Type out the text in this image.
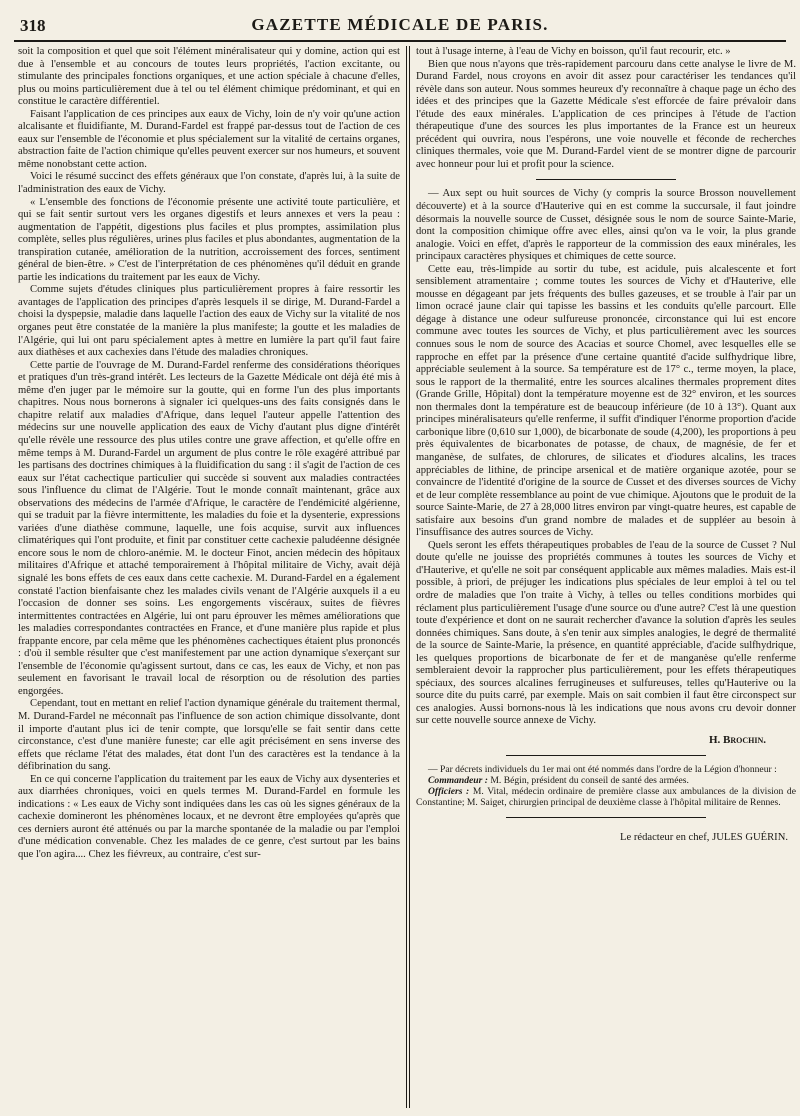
318	GAZETTE MÉDICALE DE PARIS.

soit la composition et quel que soit l'élément minéralisateur qui y domine, action qui est due à l'ensemble et au concours de toutes leurs propriétés, l'action excitante, ou stimulante des principales fonctions organiques, et une action spéciale à chacune d'elles, plus ou moins particulièrement due à tel ou tel élément chimique prédominant, et qui en constitue le caractère différentiel.

Faisant l'application de ces principes aux eaux de Vichy, loin de n'y voir qu'une action alcalisante et fluidifiante, M. Durand-Fardel est frappé par-dessus tout de l'action de ces eaux sur l'ensemble de l'économie et plus spécialement sur la vitalité de certains organes, abstraction faite de l'action chimique qu'elles peuvent exercer sur nos humeurs, et souvent même nonobstant cette action.

Voici le résumé succinct des effets généraux que l'on constate, d'après lui, à la suite de l'administration des eaux de Vichy.

« L'ensemble des fonctions de l'économie présente une activité toute particulière, et qui se fait sentir surtout vers les organes digestifs et leurs annexes et vers la peau : augmentation de l'appétit, digestions plus faciles et plus promptes, assimilation plus complète, selles plus régulières, urines plus faciles et plus abondantes, augmentation de la transpiration cutanée, amélioration de la nutrition, accroissement des forces, sentiment général de bien-être. » C'est de l'interprétation de ces phénomènes qu'il déduit en grande partie les indications du traitement par les eaux de Vichy.

Comme sujets d'études cliniques plus particulièrement propres à faire ressortir les avantages de l'application des principes d'après lesquels il se dirige, M. Durand-Fardel a choisi la dyspepsie, maladie dans laquelle l'action des eaux de Vichy sur la vitalité de nos organes peut être constatée de la manière la plus manifeste; la goutte et les maladies de l'Algérie, qui lui ont paru spécialement aptes à mettre en lumière la part qu'il faut faire aux diathèses et aux cachexies dans l'étude des maladies chroniques.

Cette partie de l'ouvrage de M. Durand-Fardel renferme des considérations théoriques et pratiques d'un très-grand intérêt. Les lecteurs de la Gazette Médicale ont déjà été mis à même d'en juger par le mémoire sur la goutte, qui en forme l'un des plus importants chapitres. Nous nous bornerons à signaler ici quelques-uns des faits consignés dans le chapitre relatif aux maladies d'Afrique, dans lequel l'auteur appelle l'attention des médecins sur une nouvelle application des eaux de Vichy d'autant plus digne d'intérêt qu'elle révèle une ressource des plus utiles contre une grave affection, et qu'elle offre en même temps à M. Durand-Fardel un argument de plus contre le rôle exagéré attribué par les partisans des doctrines chimiques à la fluidification du sang : il s'agit de l'action de ces eaux sur l'état cachectique particulier qui succède si souvent aux maladies contractées sous l'influence du climat de l'Algérie. Tout le monde connaît maintenant, grâce aux observations des médecins de l'armée d'Afrique, le caractère de l'endémicité algérienne, qui se traduit par la fièvre intermittente, les maladies du foie et la dysenterie, expressions variées d'une diathèse commune, laquelle, une fois acquise, survit aux influences climatériques qui l'ont produite, et finit par constituer cette cachexie paludéenne désignée encore sous le nom de chloro-anémie. M. le docteur Finot, ancien médecin des hôpitaux militaires d'Afrique et attaché temporairement à l'hôpital militaire de Vichy, avait déjà signalé les bons effets de ces eaux dans cette cachexie. M. Durand-Fardel en a également constaté l'action bienfaisante chez les malades civils venant de l'Algérie auxquels il a eu l'occasion de donner ses soins. Les engorgements viscéraux, suites de fièvres intermittentes contractées en Algérie, lui ont paru éprouver les mêmes améliorations que les maladies correspondantes contractées en France, et d'une manière plus rapide et plus frappante encore, par cela même que les phénomènes cachectiques étaient plus prononcés : d'où il semble résulter que c'est manifestement par une action dynamique s'exerçant sur l'ensemble de l'économie qu'agissent surtout, dans ce cas, les eaux de Vichy, et non pas seulement en favorisant le travail local de résorption ou de résolution des parties engorgées.

Cependant, tout en mettant en relief l'action dynamique générale du traitement thermal, M. Durand-Fardel ne méconnaît pas l'influence de son action chimique dissolvante, dont il importe d'autant plus ici de tenir compte, que lorsqu'elle se fait sentir dans cette circonstance, c'est d'une manière funeste; car elle agit précisément en sens inverse des effets que réclame l'état des malades, état dont l'un des caractères est la tendance à la défibrination du sang.

En ce qui concerne l'application du traitement par les eaux de Vichy aux dysenteries et aux diarrhées chroniques, voici en quels termes M. Durand-Fardel en formule les indications : « Les eaux de Vichy sont indiquées dans les cas où les signes généraux de la cachexie domineront les phénomènes locaux, et ne devront être employées qu'après que ces derniers auront été atténués ou par la marche spontanée de la maladie ou par l'emploi d'une médication convenable. Chez les malades de ce genre, c'est surtout par les bains que l'on agira.... Chez les fiévreux, au contraire, c'est sur-

tout à l'usage interne, à l'eau de Vichy en boisson, qu'il faut recourir, etc. »

Bien que nous n'ayons que très-rapidement parcouru dans cette analyse le livre de M. Durand Fardel, nous croyons en avoir dit assez pour caractériser les tendances qu'il révèle dans son auteur. Nous sommes heureux d'y reconnaître à chaque page un écho des idées et des principes que la Gazette Médicale s'est efforcée de faire prévaloir dans l'étude des eaux minérales. L'application de ces principes à l'étude de l'action thérapeutique d'une des sources les plus importantes de la France est un heureux précédent qui ouvrira, nous l'espérons, une voie nouvelle et féconde de recherches cliniques thermales, voie que M. Durand-Fardel vient de se montrer digne de parcourir avec honneur pour lui et profit pour la science.

— Aux sept ou huit sources de Vichy (y compris la source Brosson nouvellement découverte) et à la source d'Hauterive qui en est comme la succursale, il faut joindre désormais la nouvelle source de Cusset, désignée sous le nom de source Sainte-Marie, dont la composition chimique offre avec elles, ainsi qu'on va le voir, la plus grande analogie. Voici en effet, d'après le rapporteur de la commission des eaux minérales, les principaux caractères physiques et chimiques de cette source.

Cette eau, très-limpide au sortir du tube, est acidule, puis alcalescente et fort sensiblement atramentaire ; comme toutes les sources de Vichy et d'Hauterive, elle mousse en dégageant par jets fréquents des bulles gazeuses, et se trouble à l'air par un limon ocracé jaune clair qui tapisse les bassins et les conduits qu'elle parcourt. Elle dégage à distance une odeur sulfureuse prononcée, circonstance qui lui est encore commune avec toutes les sources de Vichy, et plus particulièrement avec les sources connues sous le nom de source des Acacias et source Chomel, avec lesquelles elle se rapproche en effet par la présence d'une certaine quantité d'acide sulfhydrique libre, appréciable seulement à la source. Sa température est de 17° c., terme moyen, la place, sous le rapport de la thermalité, entre les sources alcalines thermales proprement dites (Grande Grille, Hôpital) dont la température moyenne est de 32° environ, et les sources non thermales dont la température est de beaucoup inférieure (de 10 à 13°). Quant aux principes minéralisateurs qu'elle renferme, il suffit d'indiquer l'énorme proportion d'acide carbonique libre (0,610 sur 1,000), de bicarbonate de soude (4,200), les proportions à peu près équivalentes de bicarbonates de potasse, de chaux, de magnésie, de fer et manganèse, de sulfates, de chlorures, de silicates et d'iodures alcalins, les traces appréciables de lithine, de principe arsenical et de matière organique azotée, pour se convaincre de l'identité d'origine de la source de Cusset et des diverses sources de Vichy et de leur complète ressemblance au point de vue chimique. Ajoutons que le produit de la source Sainte-Marie, de 27 à 28,000 litres environ par vingt-quatre heures, est capable de satisfaire aux besoins d'un grand nombre de malades et de suppléer au besoin à l'insuffisance des autres sources de Vichy.

Quels seront les effets thérapeutiques probables de l'eau de la source de Cusset ? Nul doute qu'elle ne jouisse des propriétés communes à toutes les sources de Vichy et d'Hauterive, et qu'elle ne soit par conséquent applicable aux mêmes maladies. Mais est-il possible, à priori, de préjuger les indications plus spéciales de leur emploi à tel ou tel ordre de maladies que l'on traite à Vichy, à telles ou telles conditions morbides qui réclament plus particulièrement l'usage d'une source ou d'une autre? C'est là une question toute d'expérience et dont on ne saurait rechercher d'avance la solution d'après les seules données chimiques. Sans doute, à s'en tenir aux simples analogies, le degré de thermalité de la source de Sainte-Marie, la présence, en quantité appréciable, d'acide sulfhydrique, les quelques proportions de bicarbonate de fer et de manganèse qu'elle renferme sembleraient devoir la rapprocher plus particulièrement, pour les effets thérapeutiques spéciaux, des sources alcalines ferrugineuses et sulfureuses, telles qu'Hauterive ou la source dite du puits carré, par exemple. Mais on sait combien il faut être circonspect sur ces analogies. Aussi bornons-nous là les indications que nous avons cru devoir donner sur cette nouvelle source annexe de Vichy.

H. Brochin.

— Par décrets individuels du 1er mai ont été nommés dans l'ordre de la Légion d'honneur :

Commandeur : M. Bégin, président du conseil de santé des armées.

Officiers : M. Vital, médecin ordinaire de première classe aux ambulances de la division de Constantine; M. Saiget, chirurgien principal de deuxième classe à l'hôpital militaire de Rennes.

Le rédacteur en chef, JULES GUÉRIN.
